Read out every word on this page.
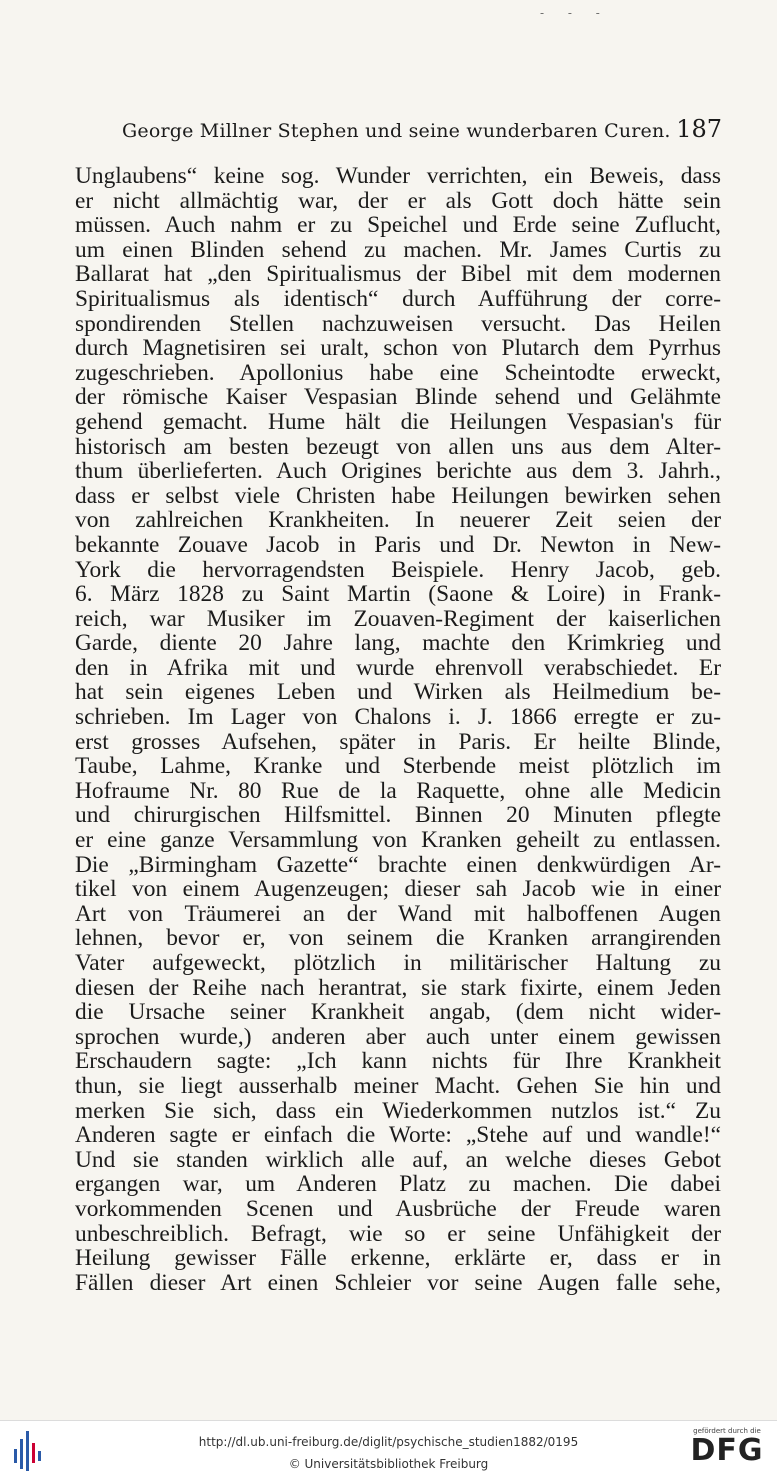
- - -
George Millner Stephen und seine wunderbaren Curen. 187
Unglaubens“ keine sog. Wunder verrichten, ein Beweis, dass
er nicht allmächtig war, der er als Gott doch hätte sein
müssen. Auch nahm er zu Speichel und Erde seine Zuflucht,
um einen Blinden sehend zu machen. Mr. James Curtis zu
Ballarat hat „den Spiritualismus der Bibel mit dem modernen
Spiritualismus als identisch“ durch Aufführung der corre-
spondirenden Stellen nachzuweisen versucht. Das Heilen
durch Magnetisiren sei uralt, schon von Plutarch dem Pyrrhus
zugeschrieben. Apollonius habe eine Scheintodte erweckt,
der römische Kaiser Vespasian Blinde sehend und Gelähmte
gehend gemacht. Hume hält die Heilungen Vespasian's für
historisch am besten bezeugt von allen uns aus dem Alter-
thum überlieferten. Auch Origines berichte aus dem 3. Jahrh.,
dass er selbst viele Christen habe Heilungen bewirken sehen
von zahlreichen Krankheiten. In neuerer Zeit seien der
bekannte Zouave Jacob in Paris und Dr. Newton in New-
York die hervorragendsten Beispiele. Henry Jacob, geb.
6. März 1828 zu Saint Martin (Saone & Loire) in Frank-
reich, war Musiker im Zouaven-Regiment der kaiserlichen
Garde, diente 20 Jahre lang, machte den Krimkrieg und
den in Afrika mit und wurde ehrenvoll verabschiedet. Er
hat sein eigenes Leben und Wirken als Heilmedium be-
schrieben. Im Lager von Chalons i. J. 1866 erregte er zu-
erst grosses Aufsehen, später in Paris. Er heilte Blinde,
Taube, Lahme, Kranke und Sterbende meist plötzlich im
Hofraume Nr. 80 Rue de la Raquette, ohne alle Medicin
und chirurgischen Hilfsmittel. Binnen 20 Minuten pflegte
er eine ganze Versammlung von Kranken geheilt zu entlassen.
Die „Birmingham Gazette“ brachte einen denkwürdigen Ar-
tikel von einem Augenzeugen; dieser sah Jacob wie in einer
Art von Träumerei an der Wand mit halboffenen Augen
lehnen, bevor er, von seinem die Kranken arrangirenden
Vater aufgeweckt, plötzlich in militärischer Haltung zu
diesen der Reihe nach herantrat, sie stark fixirte, einem Jeden
die Ursache seiner Krankheit angab, (dem nicht wider-
sprochen wurde,) anderen aber auch unter einem gewissen
Erschaudern sagte: „Ich kann nichts für Ihre Krankheit
thun, sie liegt ausserhalb meiner Macht. Gehen Sie hin und
merken Sie sich, dass ein Wiederkommen nutzlos ist.“ Zu
Anderen sagte er einfach die Worte: „Stehe auf und wandle!“
Und sie standen wirklich alle auf, an welche dieses Gebot
ergangen war, um Anderen Platz zu machen. Die dabei
vorkommenden Scenen und Ausbrüche der Freude waren
unbeschreiblich. Befragt, wie so er seine Unfähigkeit der
Heilung gewisser Fälle erkenne, erklärte er, dass er in
Fällen dieser Art einen Schleier vor seine Augen falle sehe,
http://dl.ub.uni-freiburg.de/diglit/psychische_studien1882/0195
© Universitätsbibliothek Freiburg
gefördert durch die
DFG
